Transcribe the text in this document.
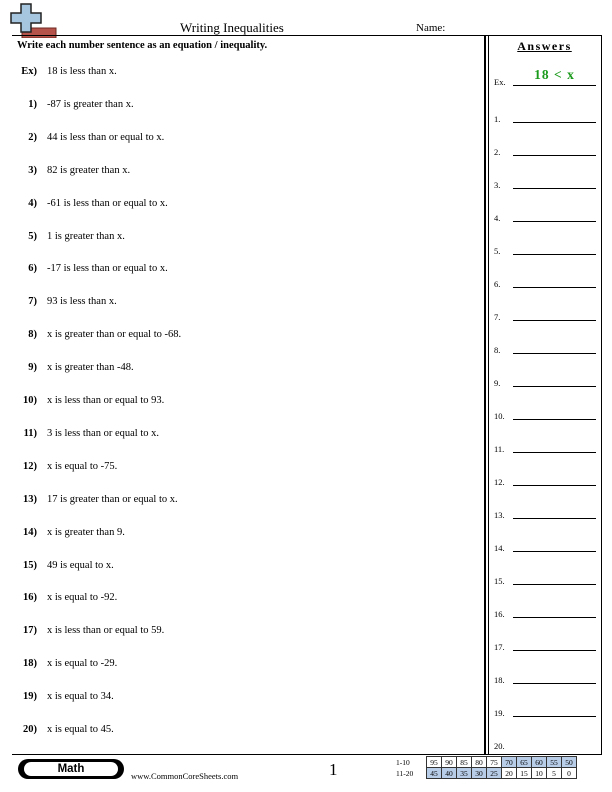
Writing Inequalities	Name:
Write each number sentence as an equation / inequality.
Ex) 18 is less than x.
1) -87 is greater than x.
2) 44 is less than or equal to x.
3) 82 is greater than x.
4) -61 is less than or equal to x.
5) 1 is greater than x.
6) -17 is less than or equal to x.
7) 93 is less than x.
8) x is greater than or equal to -68.
9) x is greater than -48.
10) x is less than or equal to 93.
11) 3 is less than or equal to x.
12) x is equal to -75.
13) 17 is greater than or equal to x.
14) x is greater than 9.
15) 49 is equal to x.
16) x is equal to -92.
17) x is less than or equal to 59.
18) x is equal to -29.
19) x is equal to 34.
20) x is equal to 45.
Answers
Ex.	18 < x
1.
2.
3.
4.
5.
6.
7.
8.
9.
10.
11.
12.
13.
14.
15.
16.
17.
18.
19.
20.
Math
www.CommonCoreSheets.com	1	1-10	95	90	85	80	75	70	65	60	55	50
11-20	45	40	35	30	25	20	15	10	5	0
